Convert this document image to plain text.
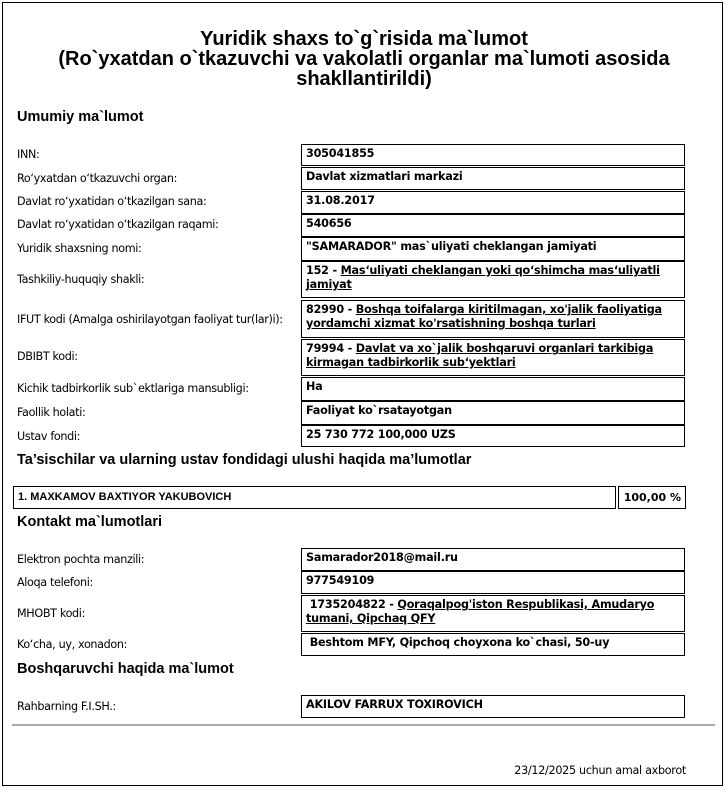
Yuridik shaxs to`g`risida ma`lumot
(Ro`yxatdan o`tkazuvchi va vakolatli organlar ma`lumoti asosida
shakllantirildi)
Umumiy ma`lumot
INN:	305041855
Ro‘yxatdan o‘tkazuvchi organ:	Davlat xizmatlari markazi
Davlat ro‘yxatidan o‘tkazilgan sana:	31.08.2017
Davlat ro‘yxatidan o‘tkazilgan raqami:	540656
Yuridik shaxsning nomi:	"SAMARADOR" mas`uliyati cheklangan jamiyati
Tashkiliy-huquqiy shakli:
152 - Mas‘uliyati cheklangan yoki qo‘shimcha mas‘uliyatli jamiyat
IFUT kodi (Amalga oshirilayotgan faoliyat tur(lar)i):
82990 - Boshqa toifalarga kiritilmagan, xo'jalik faoliyatiga yordamchi xizmat ko'rsatishning boshqa turlari
DBIBT kodi:
79994 - Davlat va xo`jalik boshqaruvi organlari tarkibiga kirmagan tadbirkorlik sub‘yektlari
Kichik tadbirkorlik sub`ektlariga mansubligi:	Ha
Faollik holati:	Faoliyat ko`rsatayotgan
Ustav fondi:	25 730 772 100,000 UZS
Ta’sischilar va ularning ustav fondidagi ulushi haqida ma’lumotlar
1. MAXKAMOV BAXTIYOR YAKUBOVICH	100,00 %
Kontakt ma`lumotlari
Elektron pochta manzili:	Samarador2018@mail.ru
Aloqa telefoni:	977549109
MHOBT kodi:
1735204822 - Qoraqalpog'iston Respublikasi, Amudaryo tumani, Qipchaq QFY
Ko‘cha, uy, xonadon:	Beshtom MFY, Qipchoq choyxona ko`chasi, 50-uy
Boshqaruvchi haqida ma`lumot
Rahbarning F.I.SH.:	AKILOV FARRUX TOXIROVICH
23/12/2025 uchun amal axborot
